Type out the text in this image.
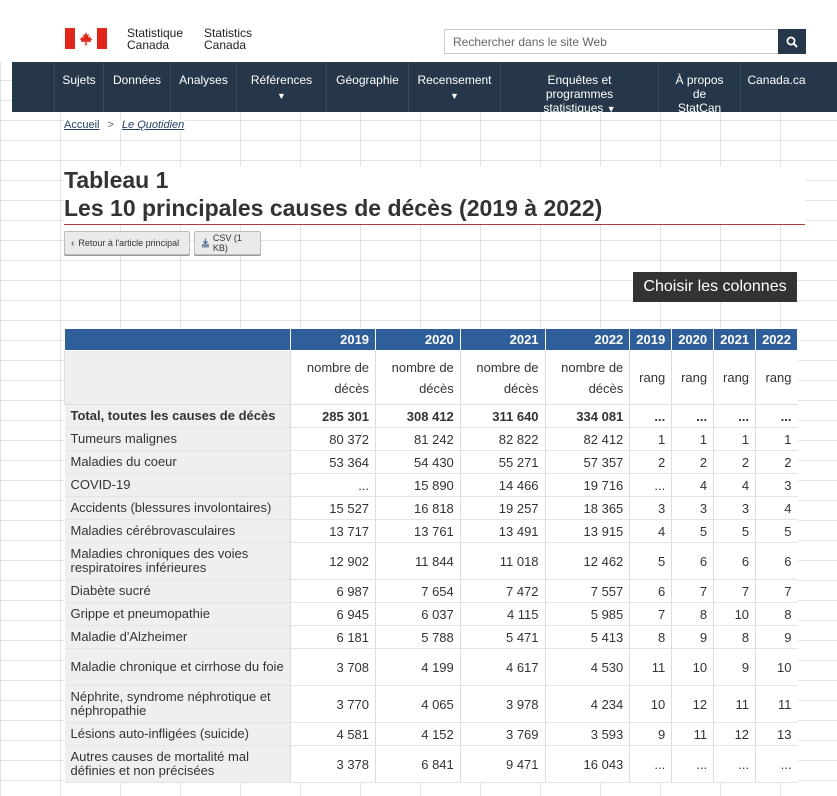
Statistique
Canada
Statistics
Canada
Rechercher dans le site Web
Sujets	Données	Analyses	Références
▼
Géographie	Recensement
▼
Enquêtes et programmes statistiques ▼
À propos de StatCan
Canada.ca
Accueil > Le Quotidien
Tableau 1
Les 10 principales causes de décès (2019 à 2022)
‹ Retour à l'article principal	CSV (1 KB)
Choisir les colonnes
	2019	2020	2021	2022	2019	2020	2021	2022
	nombre de décès	nombre de décès	nombre de décès	nombre de décès	rang	rang	rang	rang
Total, toutes les causes de décès	285 301	308 412	311 640	334 081	...	...	...	...
Tumeurs malignes	80 372	81 242	82 822	82 412	1	1	1	1
Maladies du coeur	53 364	54 430	55 271	57 357	2	2	2	2
COVID-19	...	15 890	14 466	19 716	...	4	4	3
Accidents (blessures involontaires)	15 527	16 818	19 257	18 365	3	3	3	4
Maladies cérébrovasculaires	13 717	13 761	13 491	13 915	4	5	5	5
Maladies chroniques des voies respiratoires inférieures	12 902	11 844	11 018	12 462	5	6	6	6
Diabète sucré	6 987	7 654	7 472	7 557	6	7	7	7
Grippe et pneumopathie	6 945	6 037	4 115	5 985	7	8	10	8
Maladie d'Alzheimer	6 181	5 788	5 471	5 413	8	9	8	9
Maladie chronique et cirrhose du foie	3 708	4 199	4 617	4 530	11	10	9	10
Néphrite, syndrome néphrotique et néphropathie	3 770	4 065	3 978	4 234	10	12	11	11
Lésions auto-infligées (suicide)	4 581	4 152	3 769	3 593	9	11	12	13
Autres causes de mortalité mal définies et non précisées	3 378	6 841	9 471	16 043	...	...	...	...
